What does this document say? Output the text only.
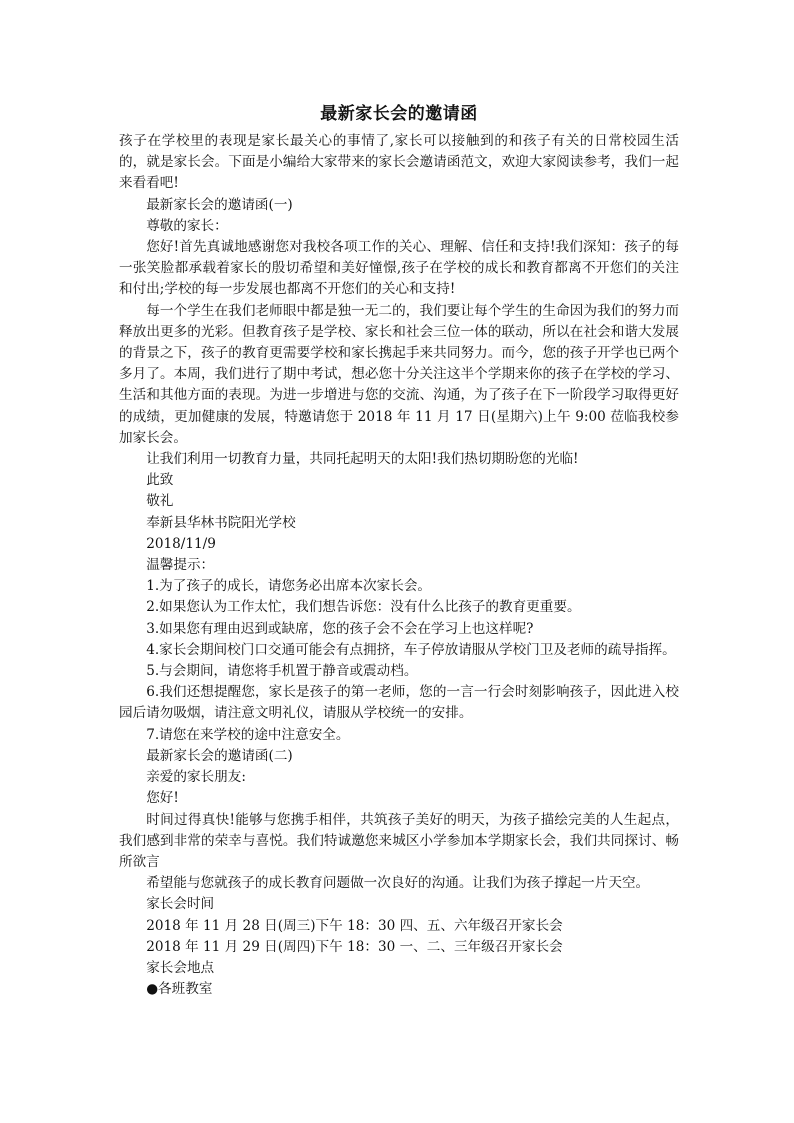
最新家长会的邀请函

孩子在学校里的表现是家长最关心的事情了,家长可以接触到的和孩子有关的日常校园生活的，就是家长会。下面是小编给大家带来的家长会邀请函范文，欢迎大家阅读参考，我们一起来看看吧!

最新家长会的邀请函(一)

尊敬的家长：

您好!首先真诚地感谢您对我校各项工作的关心、理解、信任和支持!我们深知：孩子的每一张笑脸都承载着家长的殷切希望和美好憧憬,孩子在学校的成长和教育都离不开您们的关注和付出;学校的每一步发展也都离不开您们的关心和支持!

每一个学生在我们老师眼中都是独一无二的，我们要让每个学生的生命因为我们的努力而释放出更多的光彩。但教育孩子是学校、家长和社会三位一体的联动，所以在社会和谐大发展的背景之下，孩子的教育更需要学校和家长携起手来共同努力。而今，您的孩子开学也已两个多月了。本周，我们进行了期中考试，想必您十分关注这半个学期来你的孩子在学校的学习、生活和其他方面的表现。为进一步增进与您的交流、沟通，为了孩子在下一阶段学习取得更好的成绩，更加健康的发展，特邀请您于 2018 年 11 月 17 日(星期六)上午 9:00 莅临我校参加家长会。

让我们利用一切教育力量，共同托起明天的太阳!我们热切期盼您的光临!

此致

敬礼

奉新县华林书院阳光学校

2018/11/9

温馨提示：

1.为了孩子的成长，请您务必出席本次家长会。

2.如果您认为工作太忙，我们想告诉您：没有什么比孩子的教育更重要。

3.如果您有理由迟到或缺席，您的孩子会不会在学习上也这样呢?

4.家长会期间校门口交通可能会有点拥挤，车子停放请服从学校门卫及老师的疏导指挥。

5.与会期间，请您将手机置于静音或震动档。

6.我们还想提醒您，家长是孩子的第一老师，您的一言一行会时刻影响孩子，因此进入校园后请勿吸烟，请注意文明礼仪，请服从学校统一的安排。

7.请您在来学校的途中注意安全。

最新家长会的邀请函(二)

亲爱的家长朋友:

您好!

时间过得真快!能够与您携手相伴，共筑孩子美好的明天，为孩子描绘完美的人生起点，我们感到非常的荣幸与喜悦。我们特诚邀您来城区小学参加本学期家长会，我们共同探讨、畅所欲言

希望能与您就孩子的成长教育问题做一次良好的沟通。让我们为孩子撑起一片天空。

家长会时间

2018 年 11 月 28 日(周三)下午 18：30 四、五、六年级召开家长会

2018 年 11 月 29 日(周四)下午 18：30 一、二、三年级召开家长会

家长会地点

●各班教室
